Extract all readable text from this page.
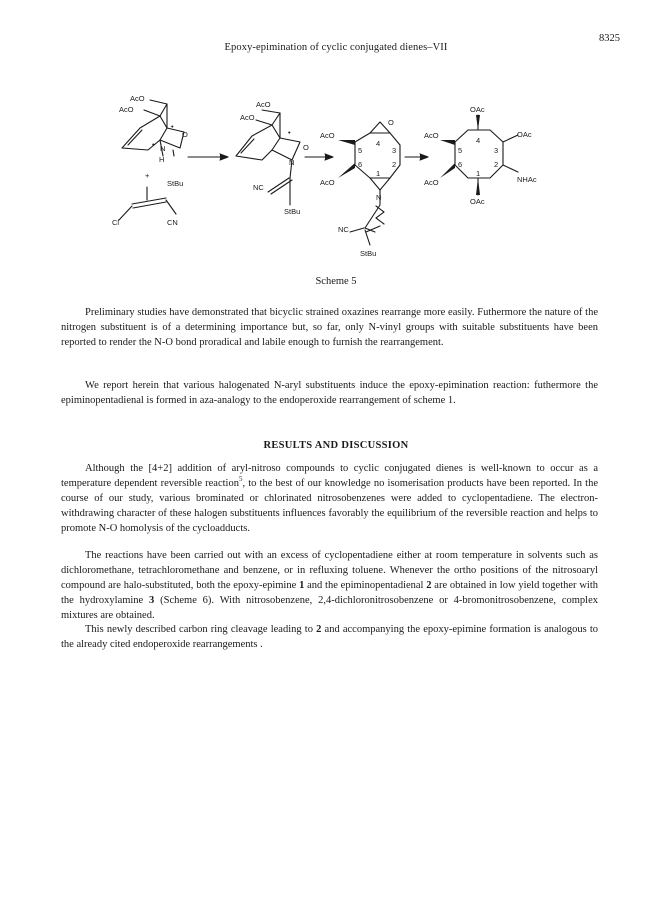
8325
Epoxy-epimination of cyclic conjugated dienes–VII
AcO
AcO
O
•
N
•
H
+
StBu
Cl	CN
AcO
AcO
•
O
N
NC
StBu
AcO
AcO
O
4
5	3
6	2
1
N
NC
StBu
OAc
AcO	OAc
AcO	NHAc
OAc
4
5	3
6	2
1
Scheme 5

Preliminary studies have demonstrated that bicyclic strained oxazines rearrange more easily. Futhermore the nature of the nitrogen substituent is of a determining importance but, so far, only N-vinyl groups with suitable substituents have been reported to render the N-O bond proradical and labile enough to furnish the rearrangement.

We report herein that various halogenated N-aryl substituents induce the epoxy-epimination reaction: futhermore the epiminopentadienal is formed in aza-analogy to the endoperoxide rearrangement of scheme 1.

RESULTS AND DISCUSSION

Although the [4+2] addition of aryl-nitroso compounds to cyclic conjugated dienes is well-known to occur as a temperature dependent reversible reaction$^5$, to the best of our knowledge no isomerisation products have been reported. In the course of our study, various brominated or chlorinated nitrosobenzenes were added to cyclopentadiene. The electron-withdrawing character of these halogen substituents influences favorably the equilibrium of the reversible reaction and helps to promote N-O homolysis of the cycloadducts.

The reactions have been carried out with an excess of cyclopentadiene either at room temperature in solvents such as dichloromethane, tetrachloromethane and benzene, or in refluxing toluene. Whenever the ortho positions of the nitrosoaryl compound are halo-substituted, both the epoxy-epimine 1 and the epiminopentadienal 2 are obtained in low yield together with the hydroxylamine 3 (Scheme 6). With nitrosobenzene, 2,4-dichloronitrosobenzene or 4-bromonitrosobenzene, complex mixtures are obtained.

This newly described carbon ring cleavage leading to 2 and accompanying the epoxy-epimine formation is analogous to the already cited endoperoxide rearrangements .
